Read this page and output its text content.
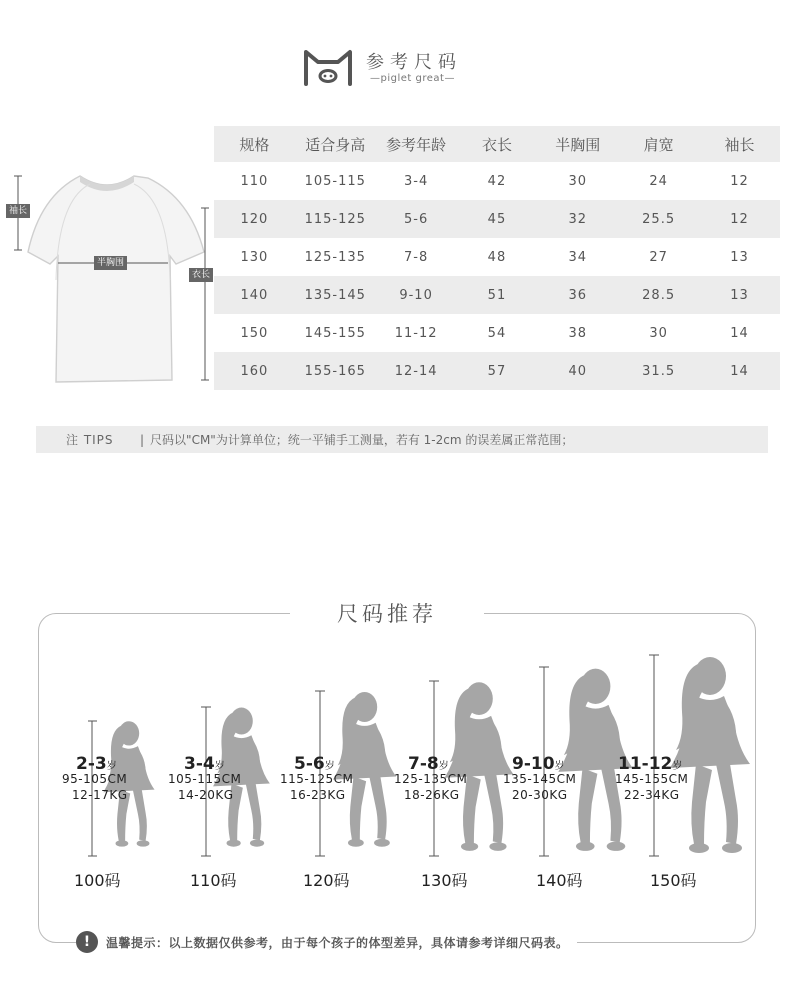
参考尺码
—piglet great—
袖长
半胸围
衣长
规格	适合身高	参考年龄	衣长	半胸围	肩宽	袖长
110	105-115	3-4	42	30	24	12
120	115-125	5-6	45	32	25.5	12
130	125-135	7-8	48	34	27	13
140	135-145	9-10	51	36	28.5	13
150	145-155	11-12	54	38	30	14
160	155-165	12-14	57	40	31.5	14
注 TIPS	| 尺码以"CM"为计算单位；统一平铺手工测量，若有 1-2cm 的误差属正常范围；
尺码推荐
2-3岁
95-105CM
12-17KG
100码
3-4岁
105-115CM
14-20KG
110码
5-6岁
115-125CM
16-23KG
120码
7-8岁
125-135CM
18-26KG
130码
9-10岁
135-145CM
20-30KG
140码
11-12岁
145-155CM
22-34KG
150码
!	温馨提示：以上数据仅供参考，由于每个孩子的体型差异，具体请参考详细尺码表。
